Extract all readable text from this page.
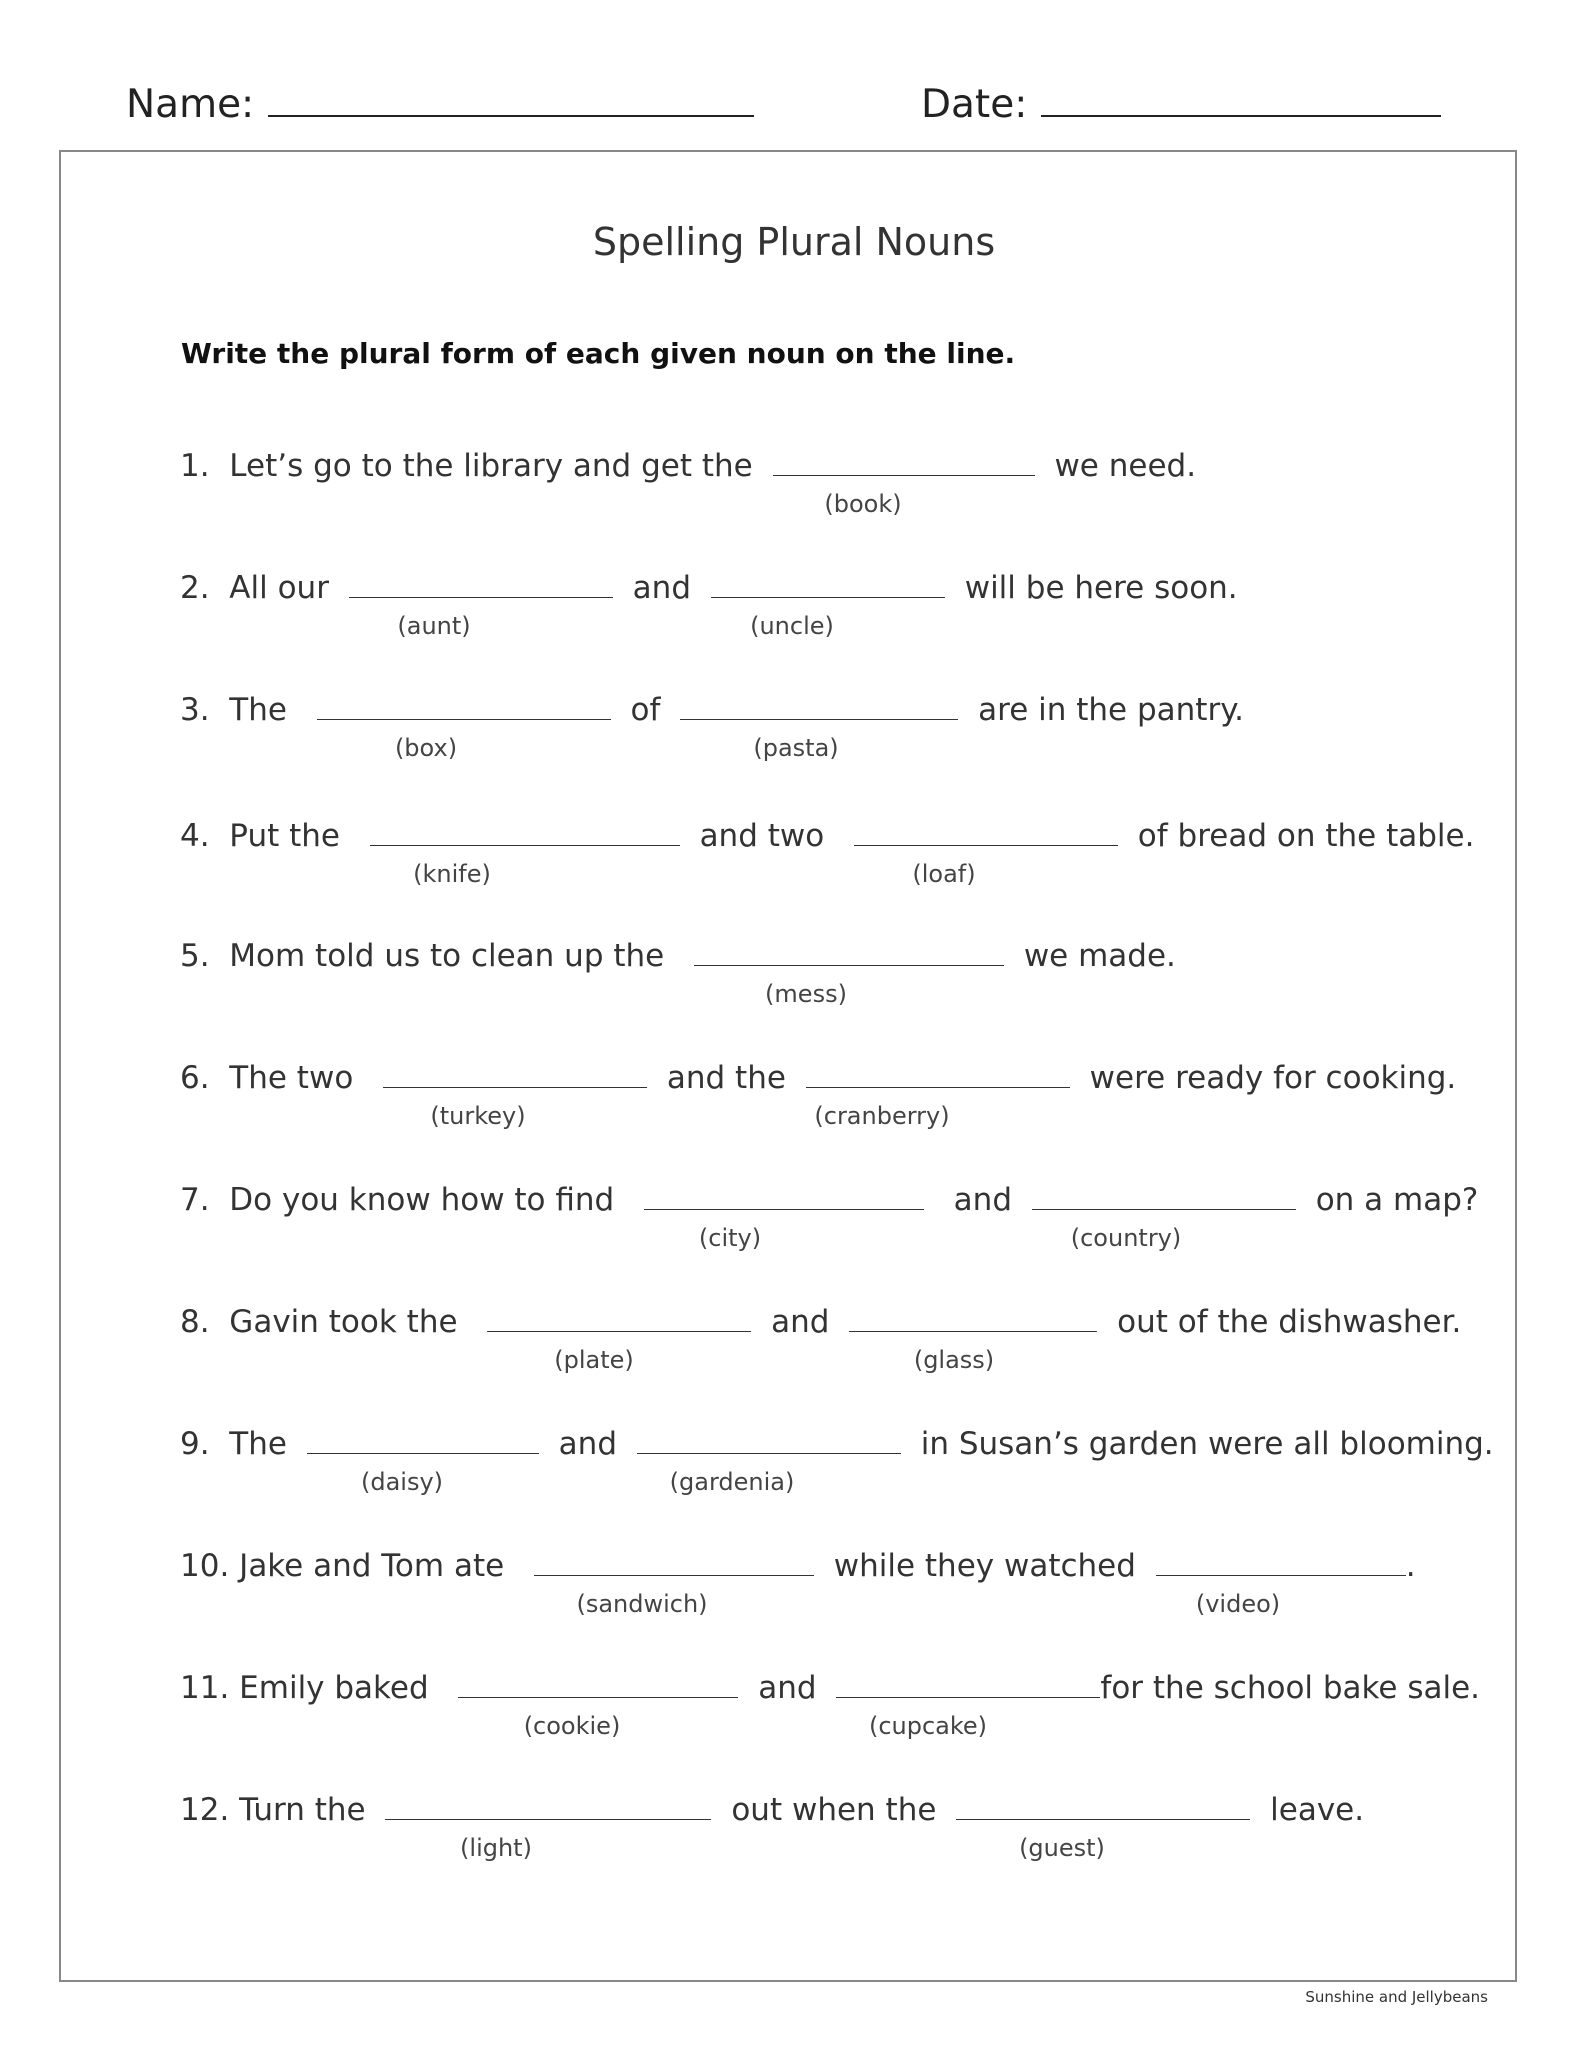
Name:	Date:
Spelling Plural Nouns
Write the plural form of each given noun on the line.
1. Let’s go to the library and get the	we need.
(book)
2. All our	and	will be here soon.
(aunt)	(uncle)
3. The	of	are in the pantry.
(box)	(pasta)
4. Put the	and two	of bread on the table.
(knife)	(loaf)
5. Mom told us to clean up the	we made.
(mess)
6. The two	and the	were ready for cooking.
(turkey)	(cranberry)
7. Do you know how to find	and	on a map?
(city)	(country)
8. Gavin took the	and	out of the dishwasher.
(plate)	(glass)
9. The	and	in Susan’s garden were all blooming.
(daisy)	(gardenia)
10. Jake and Tom ate	while they watched	.
(sandwich)	(video)
11. Emily baked	and	for the school bake sale.
(cookie)	(cupcake)
12. Turn the	out when the	leave.
(light)	(guest)
Sunshine and Jellybeans
